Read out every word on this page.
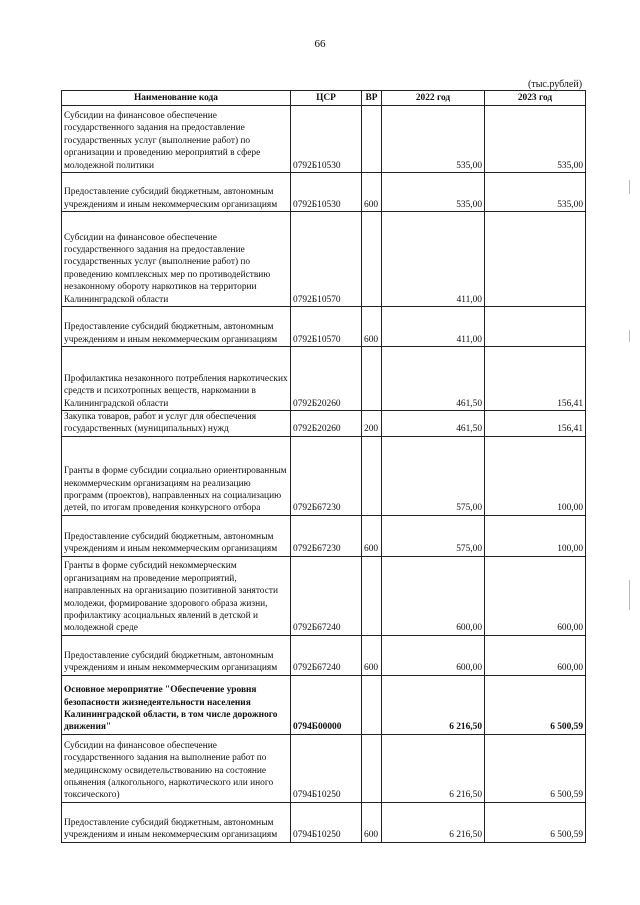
66
(тыс.рублей)
Наименование кода	ЦСР	ВР	2022 год	2023 год
Субсидии на финансовое обеспечение государственного задания на предоставление государственных услуг (выполнение работ) по организации и проведению мероприятий в сфере молодежной политики	0792Б10530		535,00	535,00
Предоставление субсидий бюджетным, автономным учреждениям и иным некоммерческим организациям	0792Б10530	600	535,00	535,00
Субсидии на финансовое обеспечение государственного задания на предоставление государственных услуг (выполнение работ) по проведению комплексных мер по противодействию незаконному обороту наркотиков на территории Калининградской области	0792Б10570		411,00	
Предоставление субсидий бюджетным, автономным учреждениям и иным некоммерческим организациям	0792Б10570	600	411,00	
Профилактика незаконного потребления наркотических средств и психотропных веществ, наркомании в Калининградской области	0792Б20260		461,50	156,41
Закупка товаров, работ и услуг для обеспечения государственных (муниципальных) нужд	0792Б20260	200	461,50	156,41
Гранты в форме субсидии социально ориентированным некоммерческим организациям на реализацию программ (проектов), направленных на социализацию детей, по итогам проведения конкурсного отбора	0792Б67230		575,00	100,00
Предоставление субсидий бюджетным, автономным учреждениям и иным некоммерческим организациям	0792Б67230	600	575,00	100,00
Гранты в форме субсидий некоммерческим организациям на проведение мероприятий, направленных на организацию позитивной занятости молодежи, формирование здорового образа жизни, профилактику асоциальных явлений в детской и молодежной среде	0792Б67240		600,00	600,00
Предоставление субсидий бюджетным, автономным учреждениям и иным некоммерческим организациям	0792Б67240	600	600,00	600,00
Основное мероприятие "Обеспечение уровня безопасности жизнедеятельности населения Калининградской области, в том числе дорожного движения"	0794Б00000		6 216,50	6 500,59
Субсидии на финансовое обеспечение государственного задания на выполнение работ по медицинскому освидетельствованию на состояние опьянения (алкогольного, наркотического или иного токсического)	0794Б10250		6 216,50	6 500,59
Предоставление субсидий бюджетным, автономным учреждениям и иным некоммерческим организациям	0794Б10250	600	6 216,50	6 500,59
